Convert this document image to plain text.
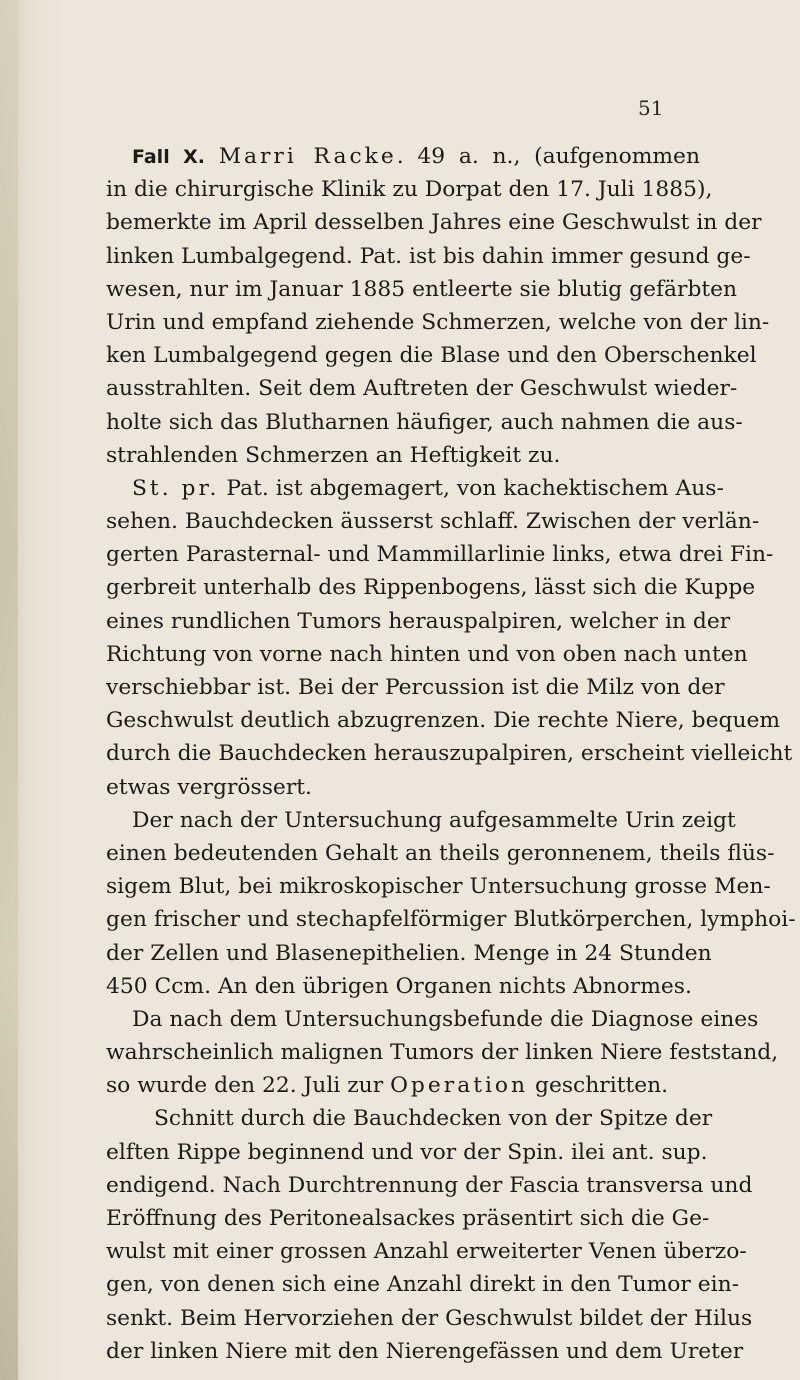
51
Fall X. Marri Racke. 49 a. n., (aufgenommen
in die chirurgische Klinik zu Dorpat den 17. Juli 1885),
bemerkte im April desselben Jahres eine Geschwulst in der
linken Lumbalgegend. Pat. ist bis dahin immer gesund ge-
wesen, nur im Januar 1885 entleerte sie blutig gefärbten
Urin und empfand ziehende Schmerzen, welche von der lin-
ken Lumbalgegend gegen die Blase und den Oberschenkel
ausstrahlten. Seit dem Auftreten der Geschwulst wieder-
holte sich das Blutharnen häufiger, auch nahmen die aus-
strahlenden Schmerzen an Heftigkeit zu.
St. pr. Pat. ist abgemagert, von kachektischem Aus-
sehen. Bauchdecken äusserst schlaff. Zwischen der verlän-
gerten Parasternal- und Mammillarlinie links, etwa drei Fin-
gerbreit unterhalb des Rippenbogens, lässt sich die Kuppe
eines rundlichen Tumors herauspalpiren, welcher in der
Richtung von vorne nach hinten und von oben nach unten
verschiebbar ist. Bei der Percussion ist die Milz von der
Geschwulst deutlich abzugrenzen. Die rechte Niere, bequem
durch die Bauchdecken herauszupalpiren, erscheint vielleicht
etwas vergrössert.
Der nach der Untersuchung aufgesammelte Urin zeigt
einen bedeutenden Gehalt an theils geronnenem, theils flüs-
sigem Blut, bei mikroskopischer Untersuchung grosse Men-
gen frischer und stechapfelförmiger Blutkörperchen, lymphoi-
der Zellen und Blasenepithelien. Menge in 24 Stunden
450 Ccm. An den übrigen Organen nichts Abnormes.
Da nach dem Untersuchungsbefunde die Diagnose eines
wahrscheinlich malignen Tumors der linken Niere feststand,
so wurde den 22. Juli zur Operation geschritten.
Schnitt durch die Bauchdecken von der Spitze der
elften Rippe beginnend und vor der Spin. ilei ant. sup.
endigend. Nach Durchtrennung der Fascia transversa und
Eröffnung des Peritonealsackes präsentirt sich die Ge-
wulst mit einer grossen Anzahl erweiterter Venen überzo-
gen, von denen sich eine Anzahl direkt in den Tumor ein-
senkt. Beim Hervorziehen der Geschwulst bildet der Hilus
der linken Niere mit den Nierengefässen und dem Ureter
